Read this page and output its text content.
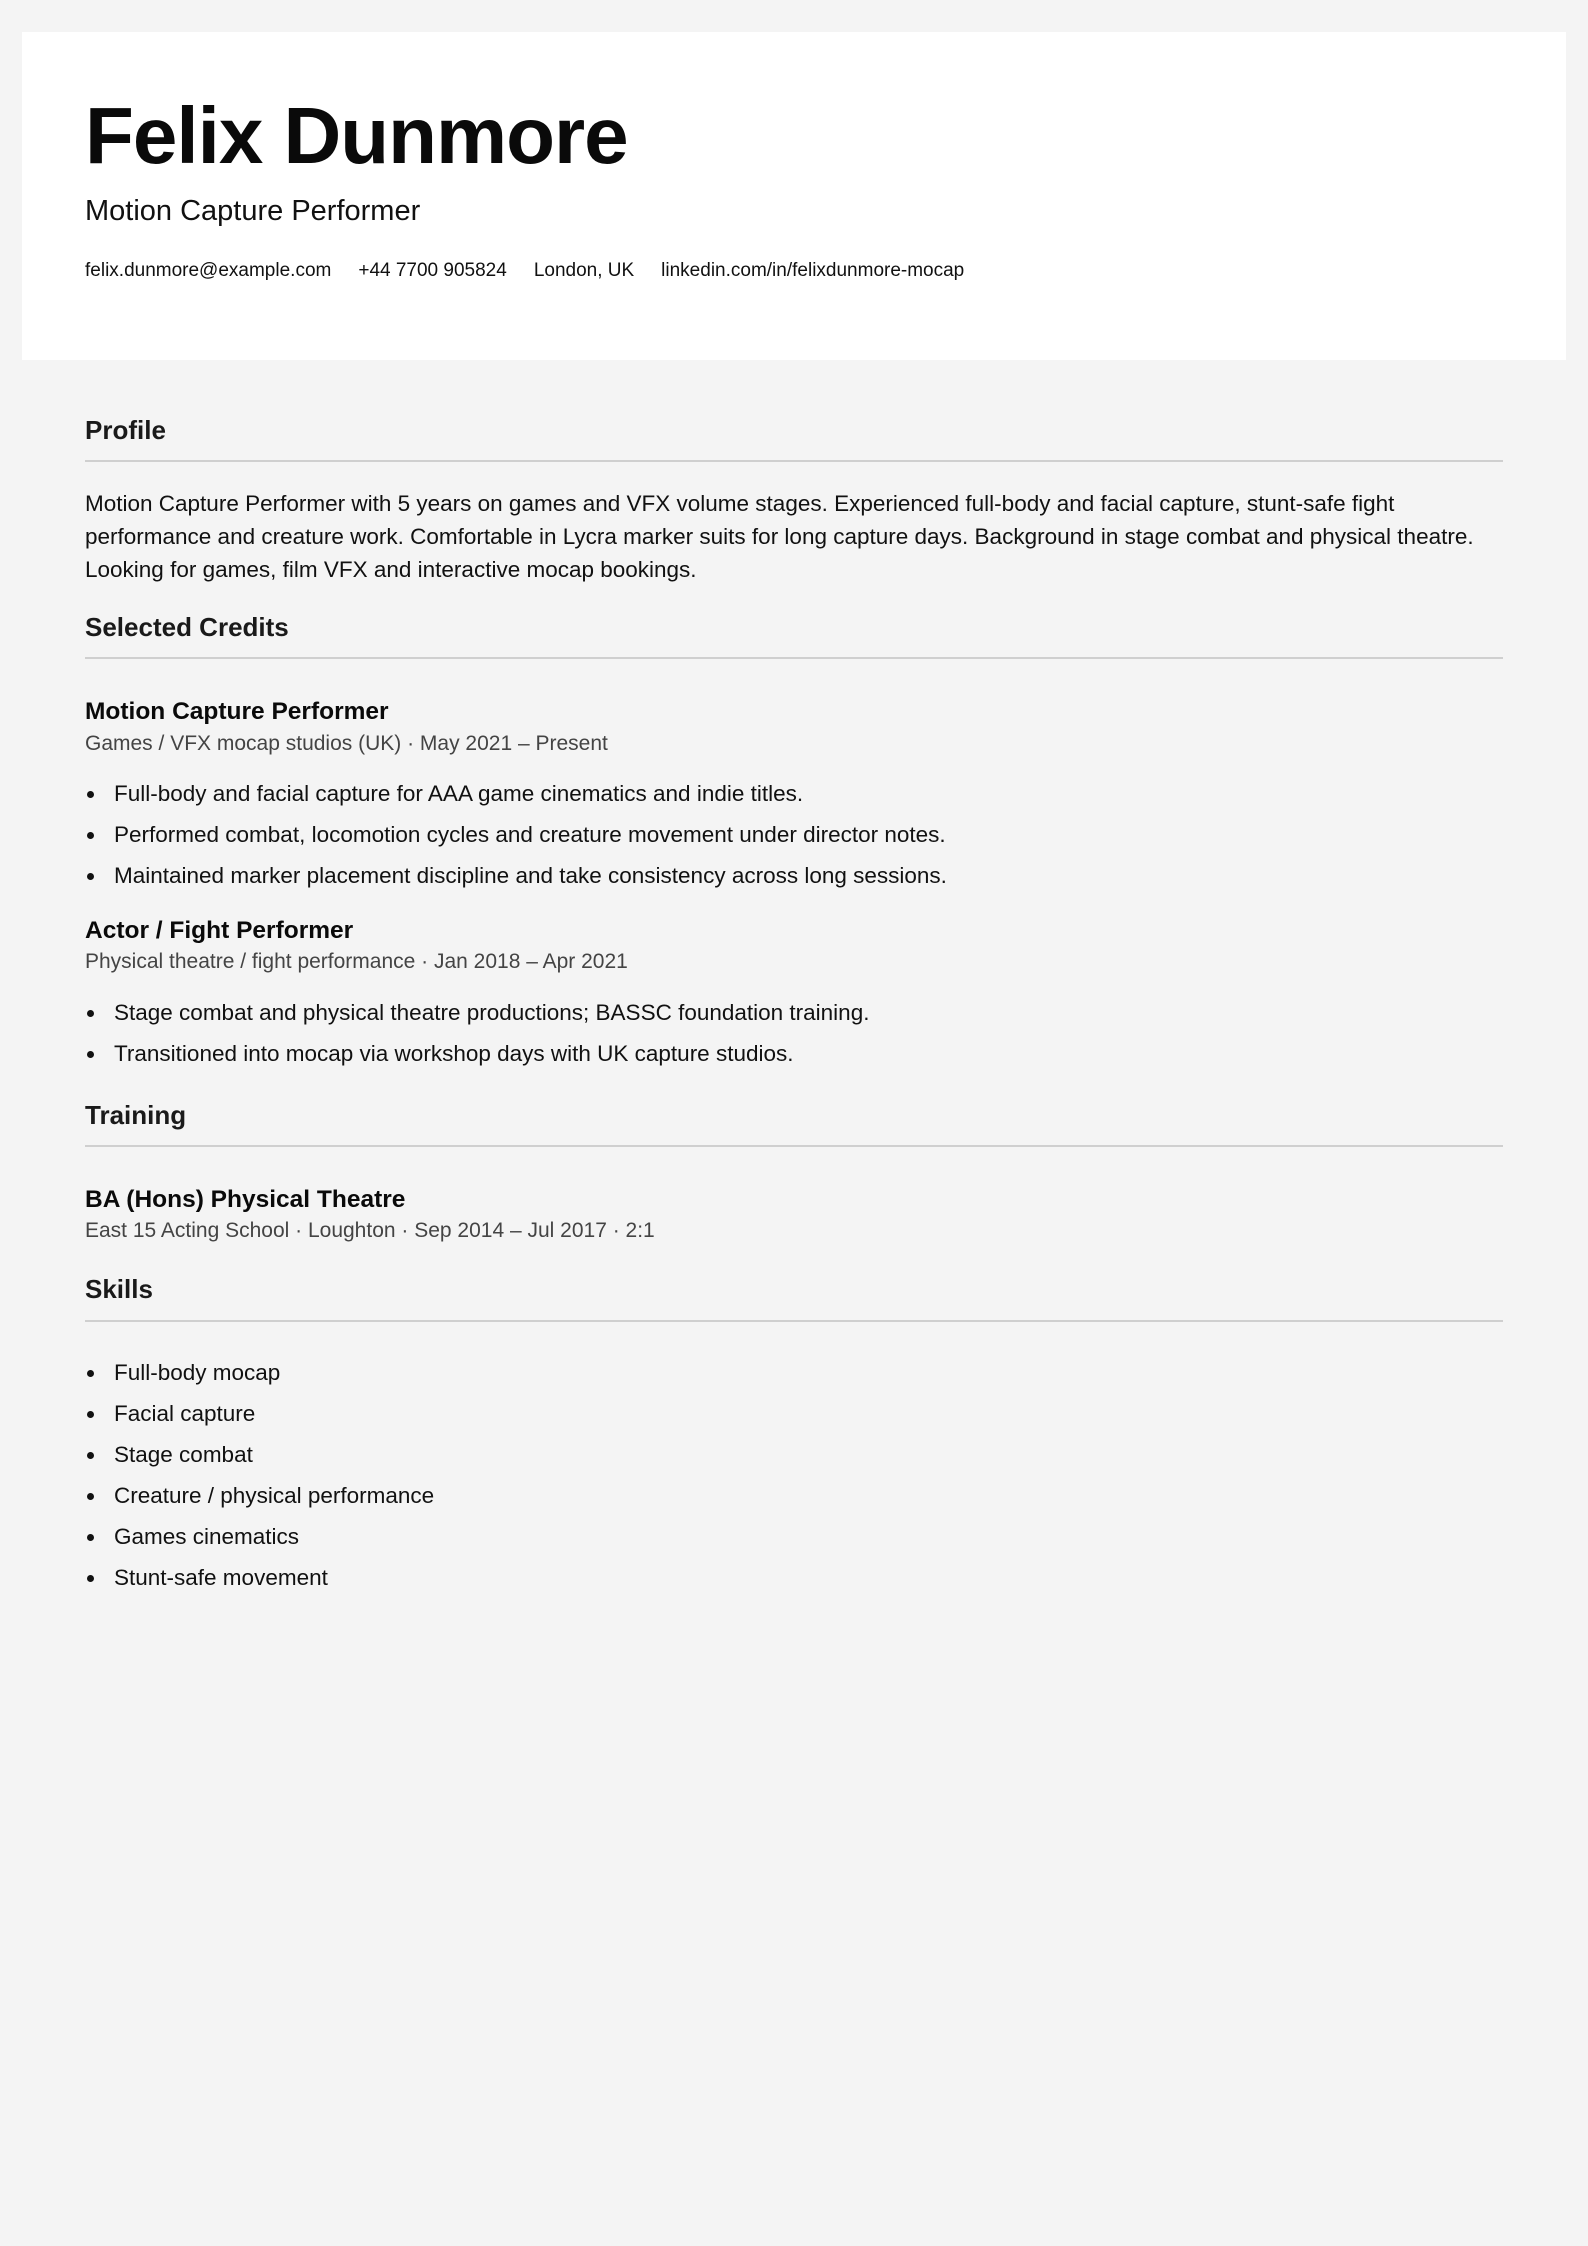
Felix Dunmore
Motion Capture Performer
felix.dunmore@example.com +44 7700 905824 London, UK linkedin.com/in/felixdunmore-mocap
Profile

Motion Capture Performer with 5 years on games and VFX volume stages. Experienced full-body and facial capture, stunt-safe fight performance and creature work. Comfortable in Lycra marker suits for long capture days. Background in stage combat and physical theatre. Looking for games, film VFX and interactive mocap bookings.

Selected Credits
Motion Capture Performer
Games / VFX mocap studios (UK) · May 2021 – Present
Full-body and facial capture for AAA game cinematics and indie titles.
Performed combat, locomotion cycles and creature movement under director notes.
Maintained marker placement discipline and take consistency across long sessions.
Actor / Fight Performer
Physical theatre / fight performance · Jan 2018 – Apr 2021
Stage combat and physical theatre productions; BASSC foundation training.
Transitioned into mocap via workshop days with UK capture studios.
Training
BA (Hons) Physical Theatre
East 15 Acting School · Loughton · Sep 2014 – Jul 2017 · 2:1
Skills
Full-body mocap
Facial capture
Stage combat
Creature / physical performance
Games cinematics
Stunt-safe movement
